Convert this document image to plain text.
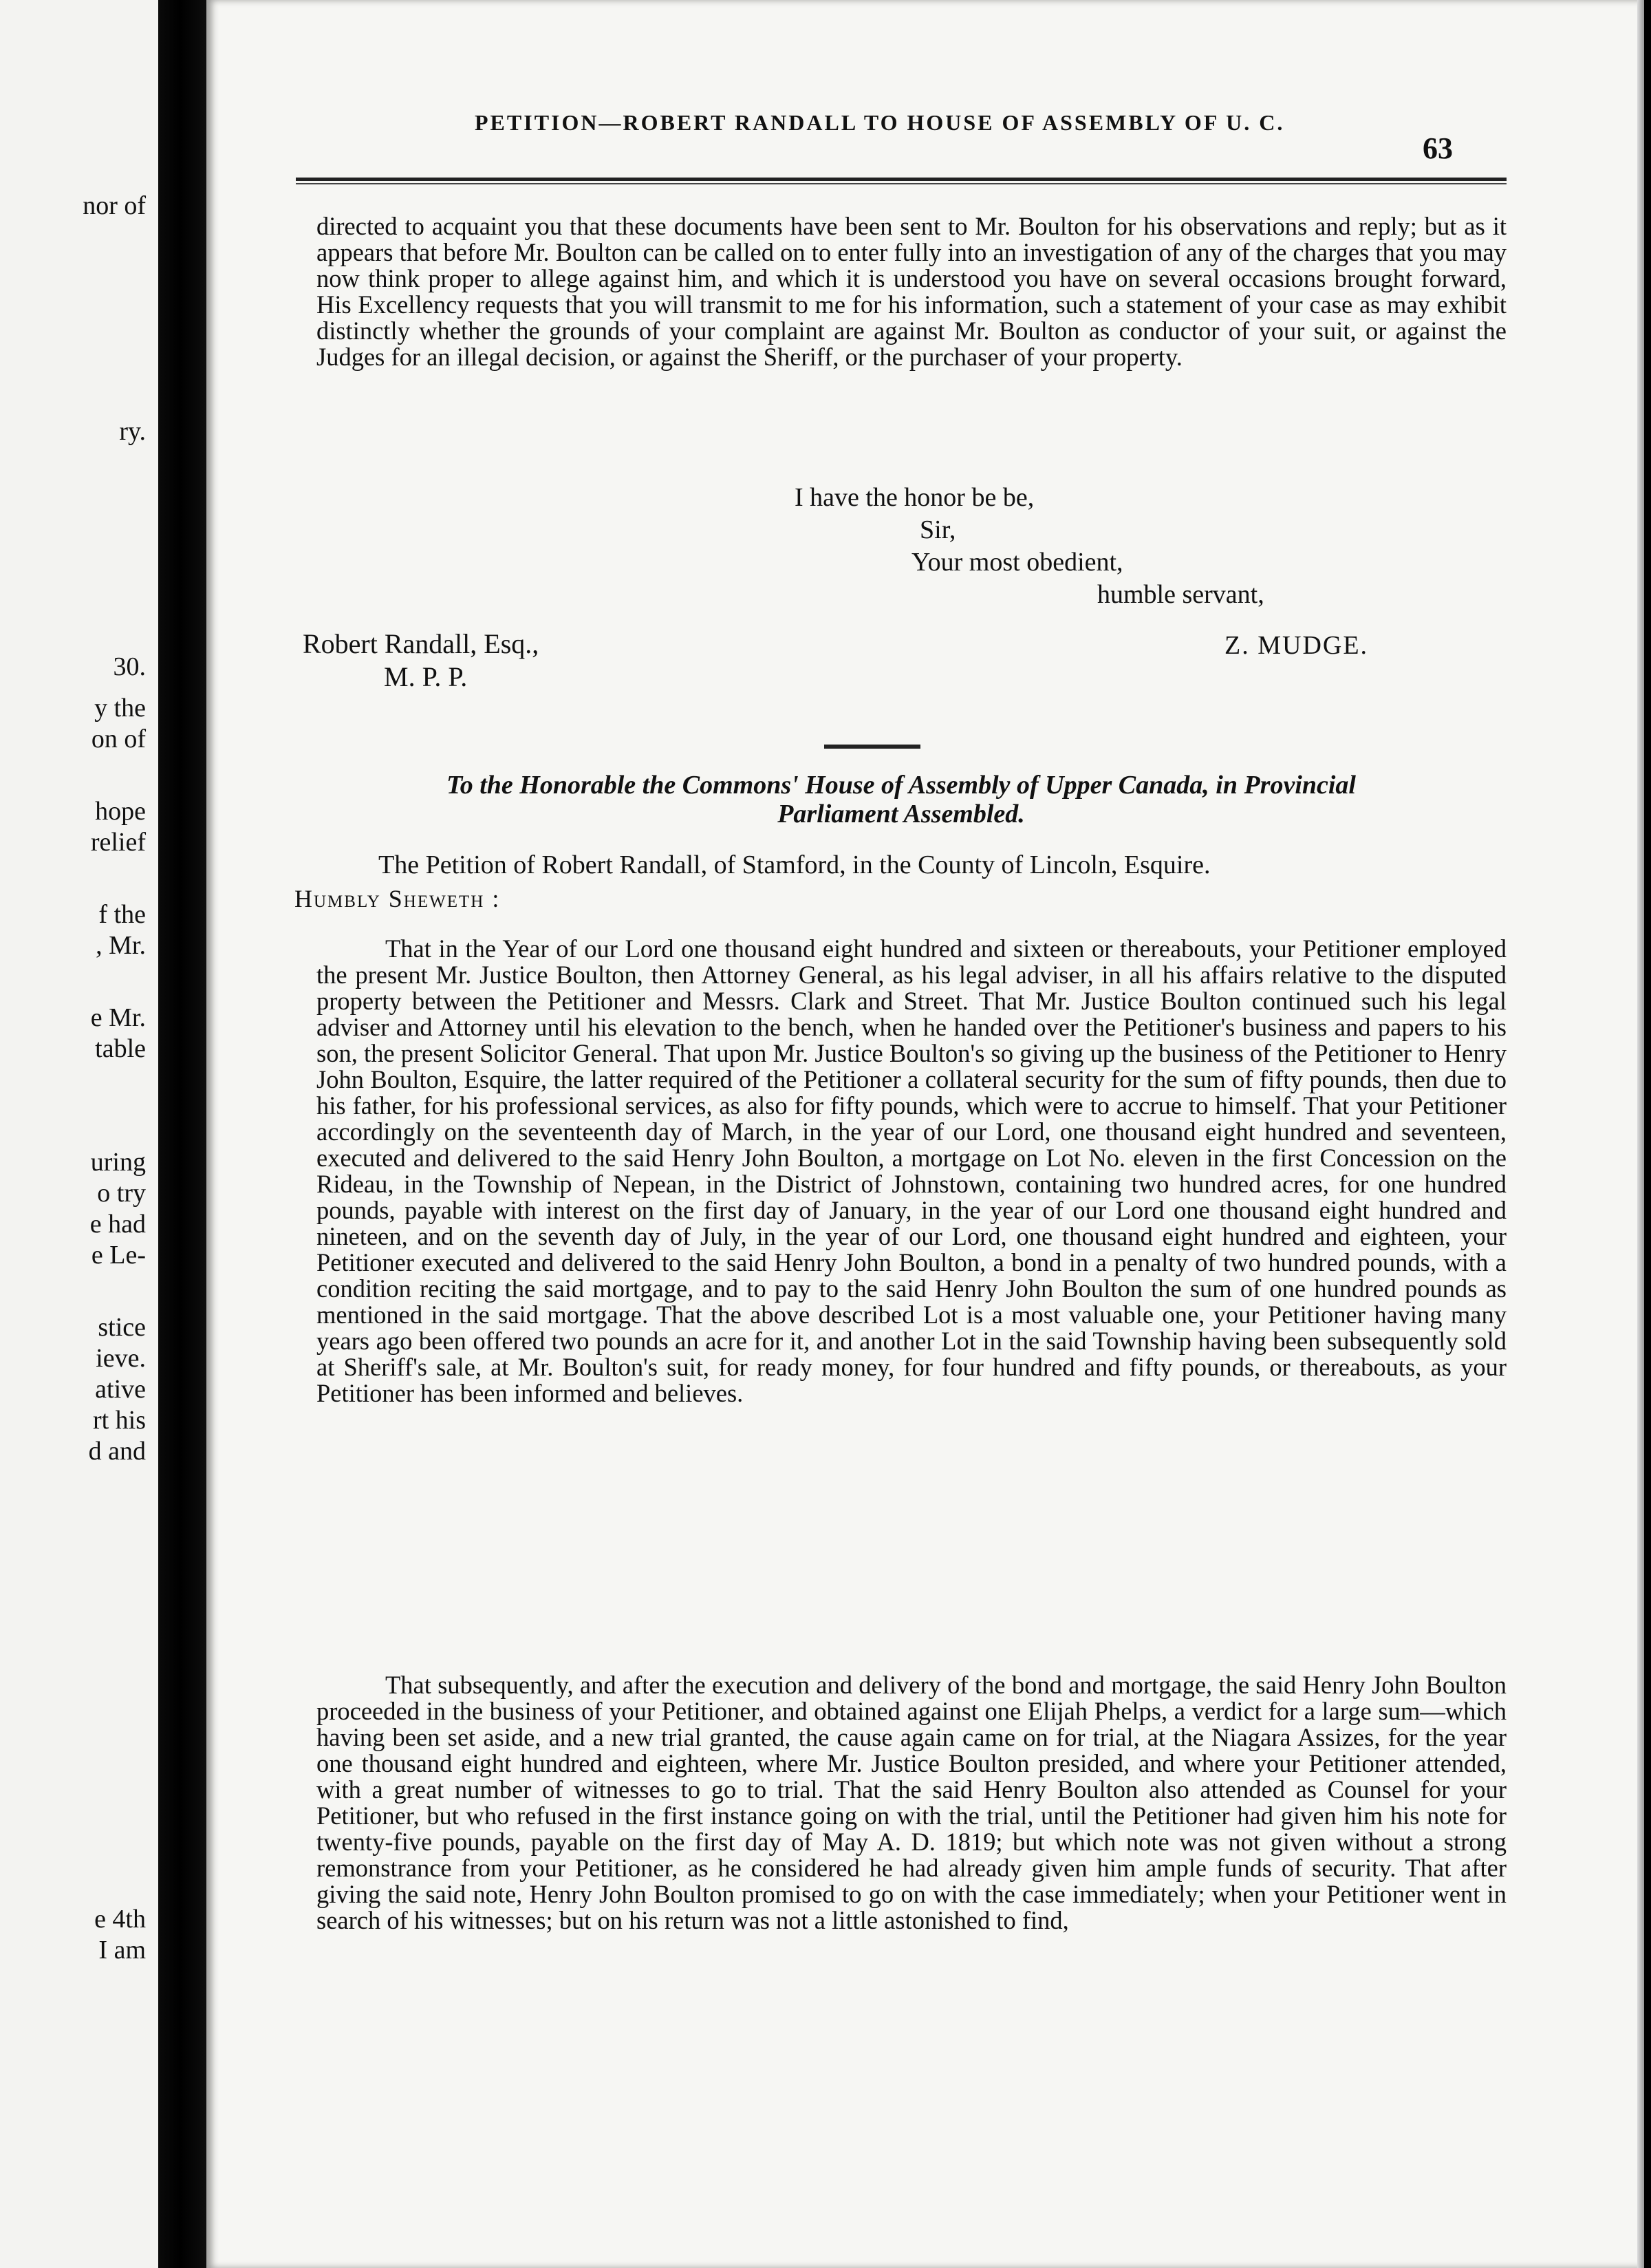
nor of
ry.
30.
y the
on of
hope
relief
f the
, Mr.
e Mr.
table
uring
o try
e had
e Le-
stice
ieve.
ative
rt his
d and
e 4th
I am
PETITION—ROBERT RANDALL TO HOUSE OF ASSEMBLY OF U. C.
63
directed to acquaint you that these documents have been sent to Mr. Boulton for his observations and reply; but as it appears that before Mr. Boulton can be called on to enter fully into an investigation of any of the charges that you may now think proper to allege against him, and which it is understood you have on several occasions brought forward, His Excellency requests that you will transmit to me for his information, such a statement of your case as may exhibit distinctly whether the grounds of your complaint are against Mr. Boulton as conductor of your suit, or against the Judges for an illegal decision, or against the Sheriff, or the purchaser of your property.
I have the honor be be,
Sir,
Your most obedient,
humble servant,
Robert Randall, Esq.,
M. P. P.
Z. MUDGE.
To the Honorable the Commons' House of Assembly of Upper Canada, in Provincial
Parliament Assembled.
The Petition of Robert Randall, of Stamford, in the County of Lincoln, Esquire.
Humbly Sheweth :
That in the Year of our Lord one thousand eight hundred and sixteen or thereabouts, your Petitioner employed the present Mr. Justice Boulton, then Attorney General, as his legal adviser, in all his affairs relative to the disputed property between the Petitioner and Messrs. Clark and Street. That Mr. Justice Boulton continued such his legal adviser and Attorney until his elevation to the bench, when he handed over the Petitioner's business and papers to his son, the present Solicitor General. That upon Mr. Justice Boulton's so giving up the business of the Petitioner to Henry John Boulton, Esquire, the latter required of the Petitioner a collateral security for the sum of fifty pounds, then due to his father, for his professional services, as also for fifty pounds, which were to accrue to himself. That your Petitioner accordingly on the seventeenth day of March, in the year of our Lord, one thousand eight hundred and seventeen, executed and delivered to the said Henry John Boulton, a mortgage on Lot No. eleven in the first Concession on the Rideau, in the Township of Nepean, in the District of Johnstown, containing two hundred acres, for one hundred pounds, payable with interest on the first day of January, in the year of our Lord one thousand eight hundred and nineteen, and on the seventh day of July, in the year of our Lord, one thousand eight hundred and eighteen, your Petitioner executed and delivered to the said Henry John Boulton, a bond in a penalty of two hundred pounds, with a condition reciting the said mortgage, and to pay to the said Henry John Boulton the sum of one hundred pounds as mentioned in the said mortgage. That the above described Lot is a most valuable one, your Petitioner having many years ago been offered two pounds an acre for it, and another Lot in the said Township having been subsequently sold at Sheriff's sale, at Mr. Boulton's suit, for ready money, for four hundred and fifty pounds, or thereabouts, as your Petitioner has been informed and believes.
That subsequently, and after the execution and delivery of the bond and mortgage, the said Henry John Boulton proceeded in the business of your Petitioner, and obtained against one Elijah Phelps, a verdict for a large sum—which having been set aside, and a new trial granted, the cause again came on for trial, at the Niagara Assizes, for the year one thousand eight hundred and eighteen, where Mr. Justice Boulton presided, and where your Petitioner attended, with a great number of witnesses to go to trial. That the said Henry Boulton also attended as Counsel for your Petitioner, but who refused in the first instance going on with the trial, until the Petitioner had given him his note for twenty-five pounds, payable on the first day of May A. D. 1819; but which note was not given without a strong remonstrance from your Petitioner, as he considered he had already given him ample funds of security. That after giving the said note, Henry John Boulton promised to go on with the case immediately; when your Petitioner went in search of his witnesses; but on his return was not a little astonished to find,
